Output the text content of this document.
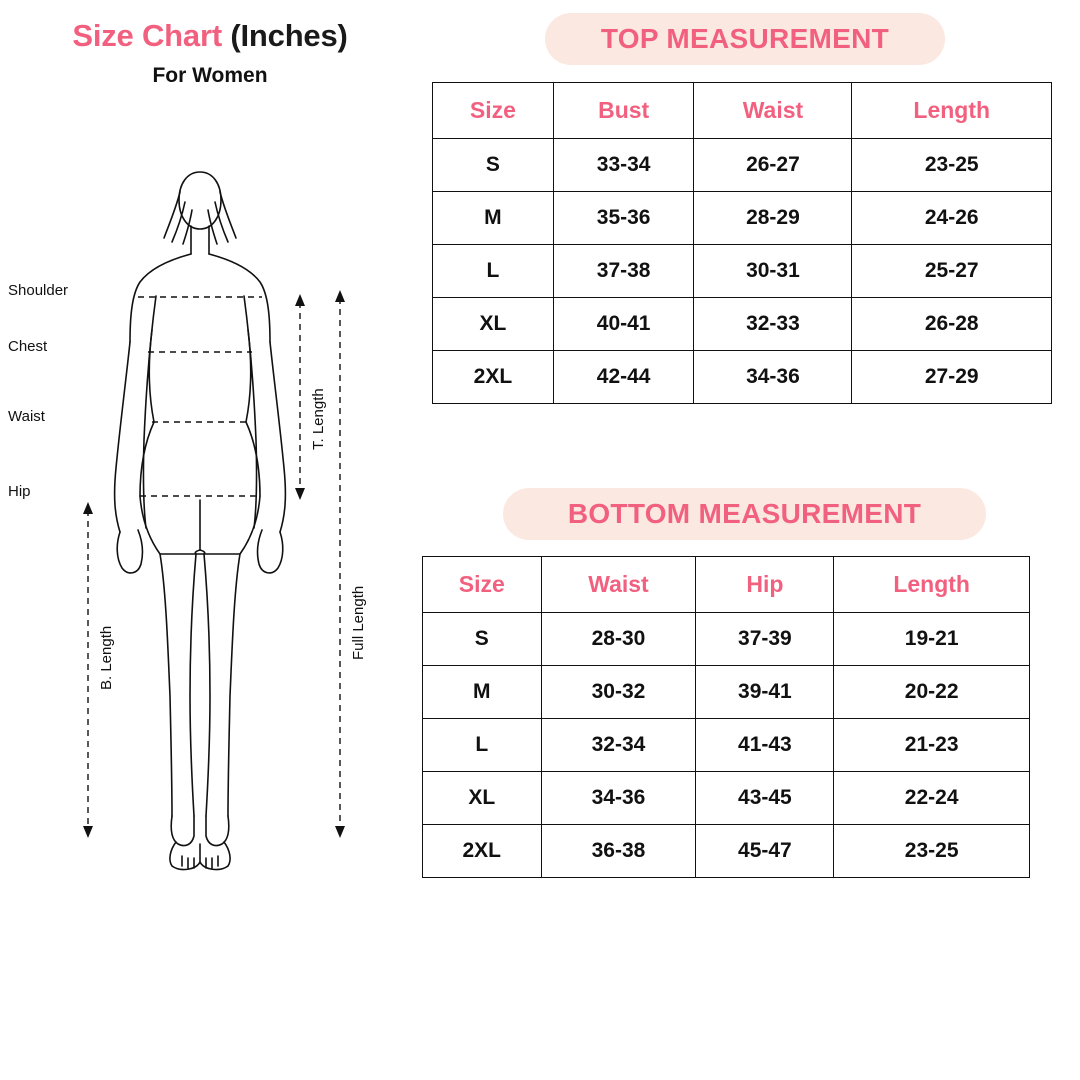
Size Chart (Inches)
For Women
Shoulder
Chest
Waist
Hip
T. Length
Full Length
B. Length
TOP MEASUREMENT
Size	Bust	Waist	Length
S	33-34	26-27	23-25
M	35-36	28-29	24-26
L	37-38	30-31	25-27
XL	40-41	32-33	26-28
2XL	42-44	34-36	27-29
BOTTOM MEASUREMENT
Size	Waist	Hip	Length
S	28-30	37-39	19-21
M	30-32	39-41	20-22
L	32-34	41-43	21-23
XL	34-36	43-45	22-24
2XL	36-38	45-47	23-25
